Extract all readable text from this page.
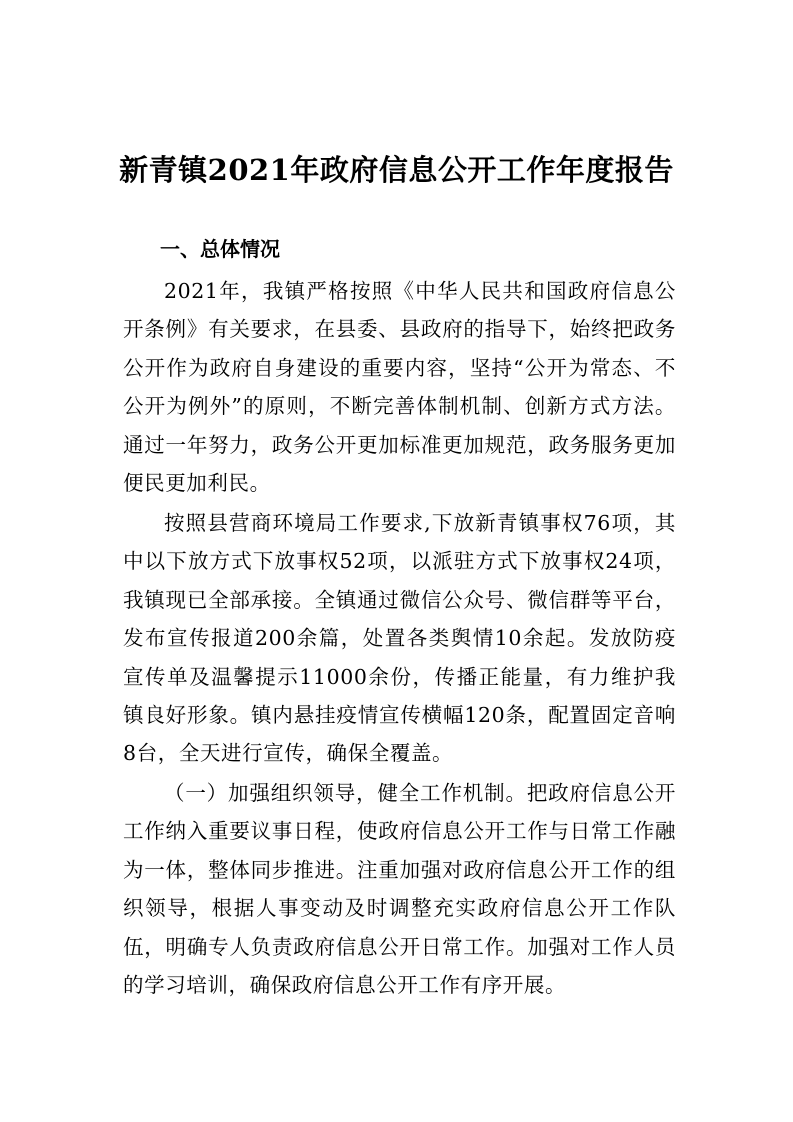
新青镇2021年政府信息公开工作年度报告
一、总体情况

2021年，我镇严格按照《中华人民共和国政府信息公开条例》有关要求，在县委、县政府的指导下，始终把政务公开作为政府自身建设的重要内容，坚持“公开为常态、不公开为例外”的原则，不断完善体制机制、创新方式方法。通过一年努力，政务公开更加标准更加规范，政务服务更加便民更加利民。

按照县营商环境局工作要求,下放新青镇事权76项，其中以下放方式下放事权52项，以派驻方式下放事权24项，我镇现已全部承接。全镇通过微信公众号、微信群等平台，发布宣传报道200余篇，处置各类舆情10余起。发放防疫宣传单及温馨提示11000余份，传播正能量，有力维护我镇良好形象。镇内悬挂疫情宣传横幅120条，配置固定音响8台，全天进行宣传，确保全覆盖。

（一）加强组织领导，健全工作机制。把政府信息公开工作纳入重要议事日程，使政府信息公开工作与日常工作融为一体，整体同步推进。注重加强对政府信息公开工作的组织领导，根据人事变动及时调整充实政府信息公开工作队伍，明确专人负责政府信息公开日常工作。加强对工作人员的学习培训，确保政府信息公开工作有序开展。
